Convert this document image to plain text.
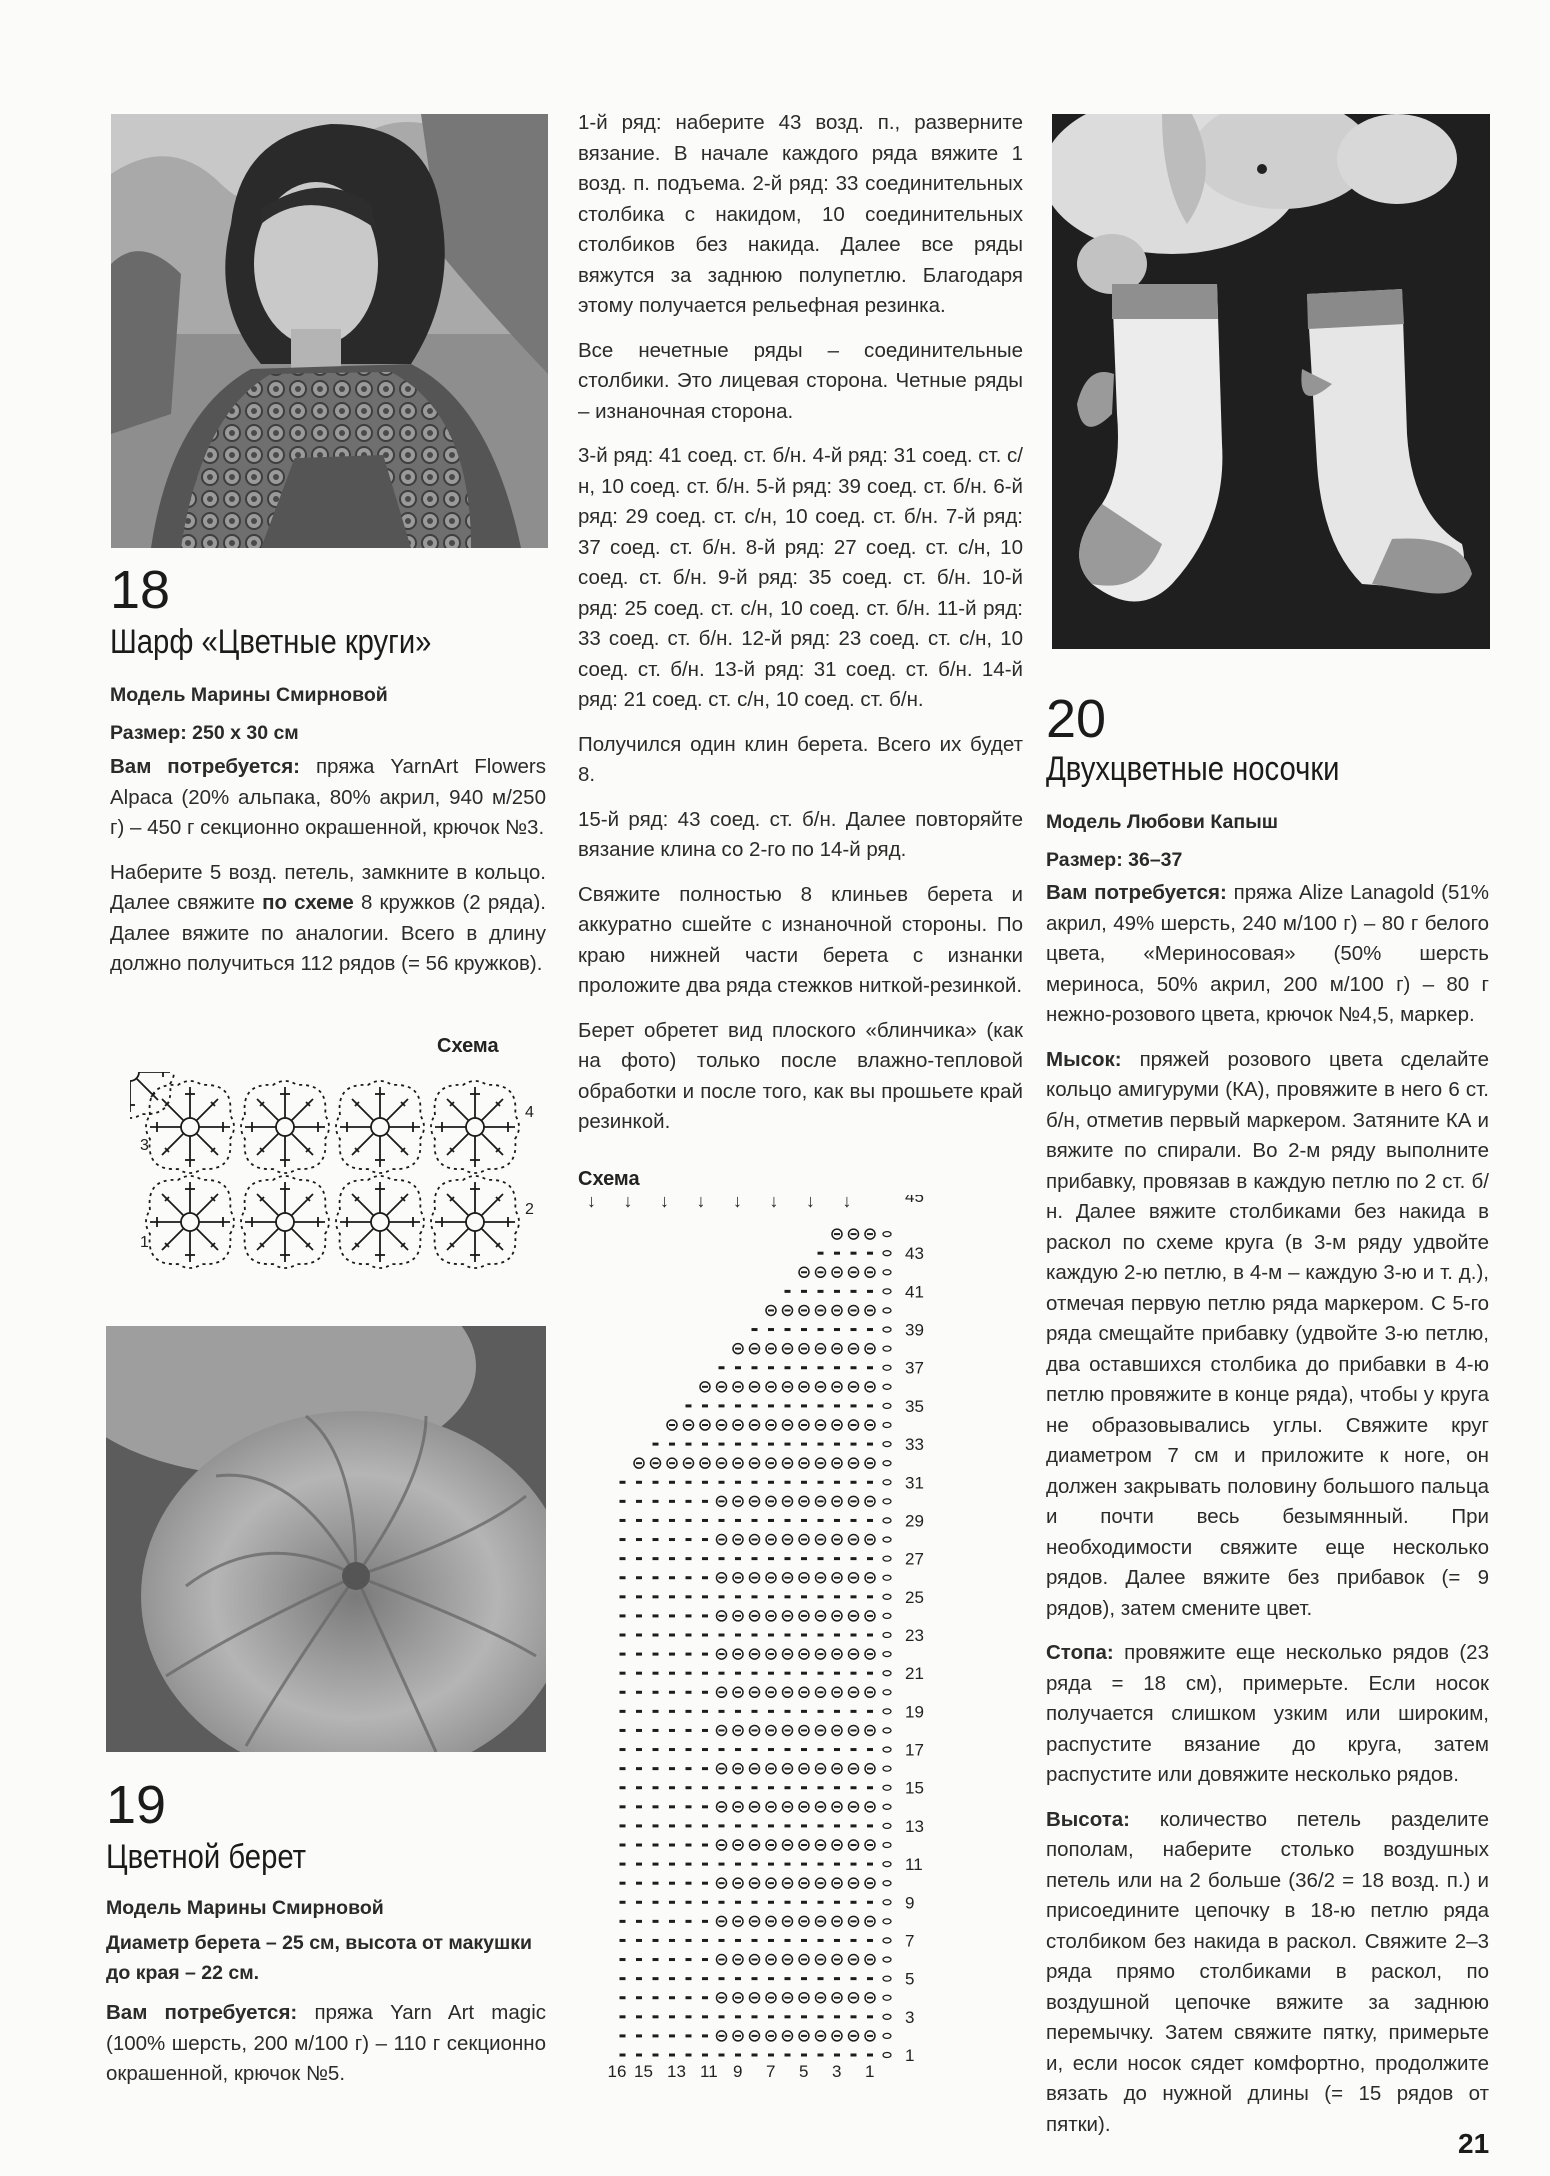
18
Шарф «Цветные круги»
Модель Марины Смирновой
Размер: 250 х 30 см

Вам потребуется: пряжа YarnArt Flowers Alpaca (20% альпака, 80% акрил, 940 м/250 г) – 450 г секционно окрашенной, крючок №3.

Наберите 5 возд. петель, замкните в кольцо. Далее свяжите по схеме 8 кружков (2 ряда). Далее вяжите по аналогии. Всего в длину должно получиться 112 рядов (= 56 кружков).

Схема
4
3
2
1
19
Цветной берет
Модель Марины Смирновой
Диаметр берета – 25 см, высота от макушки до края – 22 см.

Вам потребуется: пряжа Yarn Art magic (100% шерсть, 200 м/100 г) – 110 г секционно окрашенной, крючок №5.

1-й ряд: наберите 43 возд. п., разверните вязание. В начале каждого ряда вяжите 1 возд. п. подъема. 2-й ряд: 33 соединительных столбика с накидом, 10 соединительных столбиков без накида. Далее все ряды вяжутся за заднюю полупетлю. Благодаря этому получается рельефная резинка.

Все нечетные ряды – соединительные столбики. Это лицевая сторона. Четные ряды – изнаночная сторона.

3-й ряд: 41 соед. ст. б/н. 4-й ряд: 31 соед. ст. с/н, 10 соед. ст. б/н. 5-й ряд: 39 соед. ст. б/н. 6-й ряд: 29 соед. ст. с/н, 10 соед. ст. б/н. 7-й ряд: 37 соед. ст. б/н. 8-й ряд: 27 соед. ст. с/н, 10 соед. ст. б/н. 9-й ряд: 35 соед. ст. б/н. 10-й ряд: 25 соед. ст. с/н, 10 соед. ст. б/н. 11-й ряд: 33 соед. ст. б/н. 12-й ряд: 23 соед. ст. с/н, 10 соед. ст. б/н. 13-й ряд: 31 соед. ст. б/н. 14-й ряд: 21 соед. ст. с/н, 10 соед. ст. б/н.

Получился один клин берета. Всего их будет 8.

15-й ряд: 43 соед. ст. б/н. Далее повторяйте вязание клина со 2-го по 14-й ряд.

Свяжите полностью 8 клиньев берета и аккуратно сшейте с изнаночной стороны. По краю нижней части берета с изнанки проложите два ряда стежков ниткой-резинкой.

Берет обретет вид плоского «блинчика» (как на фото) только после влажно-тепловой обработки и после того, как вы прошьете край резинкой.

Схема
↓ ↓ ↓ ↓ ↓ ↓ ↓ ↓	45
43
41
39
37
35
33
31
29
27
25
23
21
19
17
15
13
11
9
7
5
3
1
16 15 13 11 9 7 5 3 1
20
Двухцветные носочки
Модель Любови Капыш
Размер: 36–37

Вам потребуется: пряжа Alize Lanagold (51% акрил, 49% шерсть, 240 м/100 г) – 80 г белого цвета, «Мериносовая» (50% шерсть мериноса, 50% акрил, 200 м/100 г) – 80 г нежно-розового цвета, крючок №4,5, маркер.

Мысок: пряжей розового цвета сделайте кольцо амигуруми (КА), провяжите в него 6 ст. б/н, отметив первый маркером. Затяните КА и вяжите по спирали. Во 2-м ряду выполните прибавку, провязав в каждую петлю по 2 ст. б/н. Далее вяжите столбиками без накида в раскол по схеме круга (в 3-м ряду удвойте каждую 2-ю петлю, в 4-м – каждую 3-ю и т. д.), отмечая первую петлю ряда маркером. С 5-го ряда смещайте прибавку (удвойте 3-ю петлю, два оставшихся столбика до прибавки в 4-ю петлю провяжите в конце ряда), чтобы у круга не образовывались углы. Свяжите круг диаметром 7 см и приложите к ноге, он должен закрывать половину большого пальца и почти весь безымянный. При необходимости свяжите еще несколько рядов. Далее вяжите без прибавок (= 9 рядов), затем смените цвет.

Стопа: провяжите еще несколько рядов (23 ряда = 18 см), примерьте. Если носок получается слишком узким или широким, распустите вязание до круга, затем распустите или довяжите несколько рядов.

Высота: количество петель разделите пополам, наберите столько воздушных петель или на 2 больше (36/2 = 18 возд. п.) и присоедините цепочку в 18-ю петлю ряда столбиком без накида в раскол. Свяжите 2–3 ряда прямо столбиками в раскол, по воздушной цепочке вяжите за заднюю перемычку. Затем свяжите пятку, примерьте и, если носок сядет комфортно, продолжите вязать до нужной длины (= 15 рядов от пятки).

21
